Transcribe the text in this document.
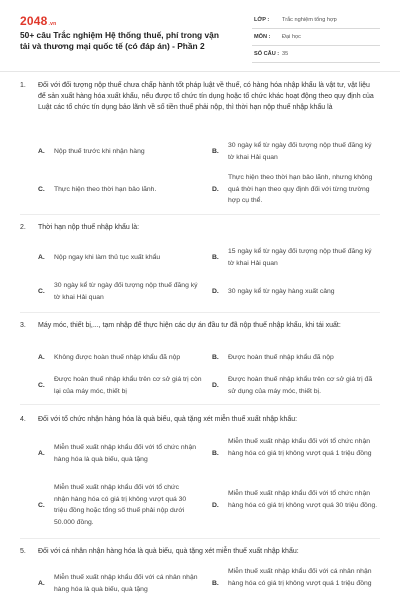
2048.vn
50+ câu Trắc nghiệm Hệ thống thuế, phí trong vận tải và thương mại quốc tế (có đáp án) - Phần 2
LỚP : Trắc nghiệm tổng hợp
MÔN : Đại học
SỐ CÂU : 35
1. Đối với đối tượng nộp thuế chưa chấp hành tốt pháp luật về thuế, có hàng hóa nhập khẩu là vật tư, vật liệu để sản xuất hàng hóa xuất khẩu, nếu được tổ chức tín dụng hoặc tổ chức khác hoạt động theo quy định của Luật các tổ chức tín dụng bảo lãnh về số tiền thuế phải nộp, thì thời hạn nộp thuế nhập khẩu là
A. Nộp thuế trước khi nhận hàng	B.
30 ngày kể từ ngày đối tượng nộp thuế đăng ký tờ khai Hải quan
C. Thực hiện theo thời hạn bảo lãnh.	D.
Thực hiện theo thời hạn bảo lãnh, nhưng không quá thời hạn theo quy định đối với từng trường hợp cụ thể.
2. Thời hạn nộp thuế nhập khẩu là:
A. Nộp ngay khi làm thủ tục xuất khẩu	B.
15 ngày kể từ ngày đối tượng nộp thuế đăng ký tờ khai Hải quan
C.
30 ngày kể từ ngày đối tượng nộp thuế đăng ký tờ khai Hải quan
D. 30 ngày kể từ ngày hàng xuất cảng
3. Máy móc, thiết bị,..., tạm nhập để thực hiện các dự án đầu tư đã nộp thuế nhập khẩu, khi tái xuất:
A. Không được hoàn thuế nhập khẩu đã nộp	B. Được hoàn thuế nhập khẩu đã nộp
C.
Được hoàn thuế nhập khẩu trên cơ sở giá trị còn lại của máy móc, thiết bị
D.
Được hoàn thuế nhập khẩu trên cơ sở giá trị đã sử dụng của máy móc, thiết bị.
4. Đối với tổ chức nhận hàng hóa là quà biếu, quà tặng xét miễn thuế xuất nhập khẩu:
A.
Miễn thuế xuất nhập khẩu đối với tổ chức nhận hàng hóa là quà biếu, quà tặng
B.
Miễn thuế xuất nhập khẩu đối với tổ chức nhận hàng hóa có giá trị không vượt quá 1 triệu đồng
C.
Miễn thuế xuất nhập khẩu đối với tổ chức nhận hàng hóa có giá trị không vượt quá 30 triệu đồng hoặc tổng số thuế phải nộp dưới 50.000 đồng.
D.
Miễn thuế xuất nhập khẩu đối với tổ chức nhận hàng hóa có giá trị không vượt quá 30 triệu đồng.
5. Đối với cá nhân nhận hàng hóa là quà biếu, quà tặng xét miễn thuế xuất nhập khẩu:
A.
Miễn thuế xuất nhập khẩu đối với cá nhân nhận hàng hóa là quà biếu, quà tặng
B.
Miễn thuế xuất nhập khẩu đối với cá nhân nhận hàng hóa có giá trị không vượt quá 1 triệu đồng
